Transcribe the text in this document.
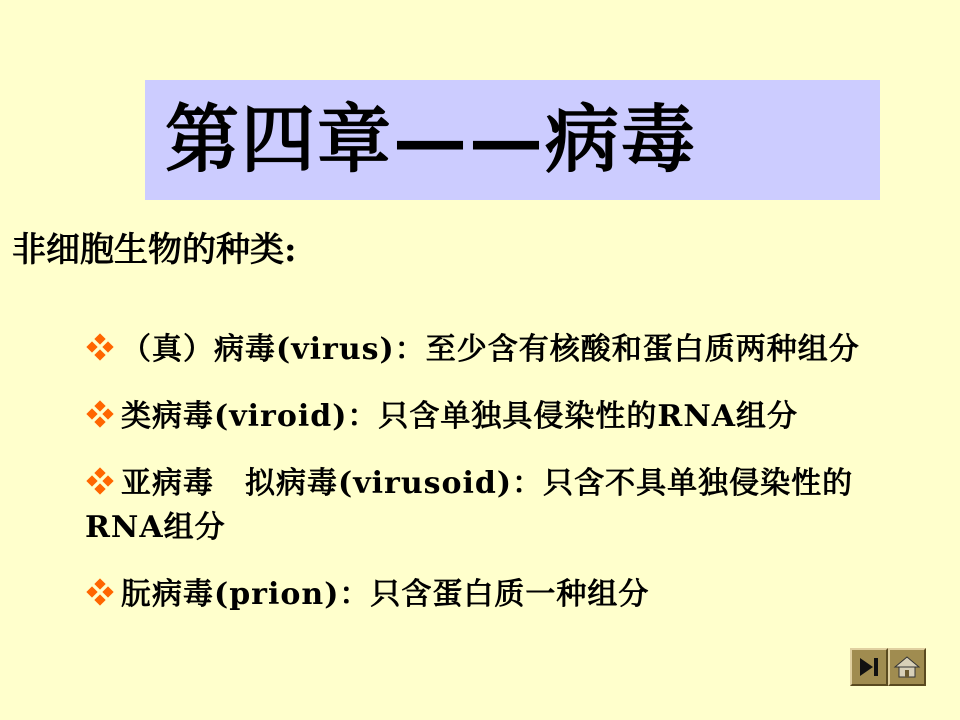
第四章——病毒
非细胞生物的种类:
（真）病毒(virus)：至少含有核酸和蛋白质两种组分
类病毒(viroid)：只含单独具侵染性的RNA组分
亚病毒　拟病毒(virusoid)：只含不具单独侵染性的RNA组分
朊病毒(prion)：只含蛋白质一种组分
